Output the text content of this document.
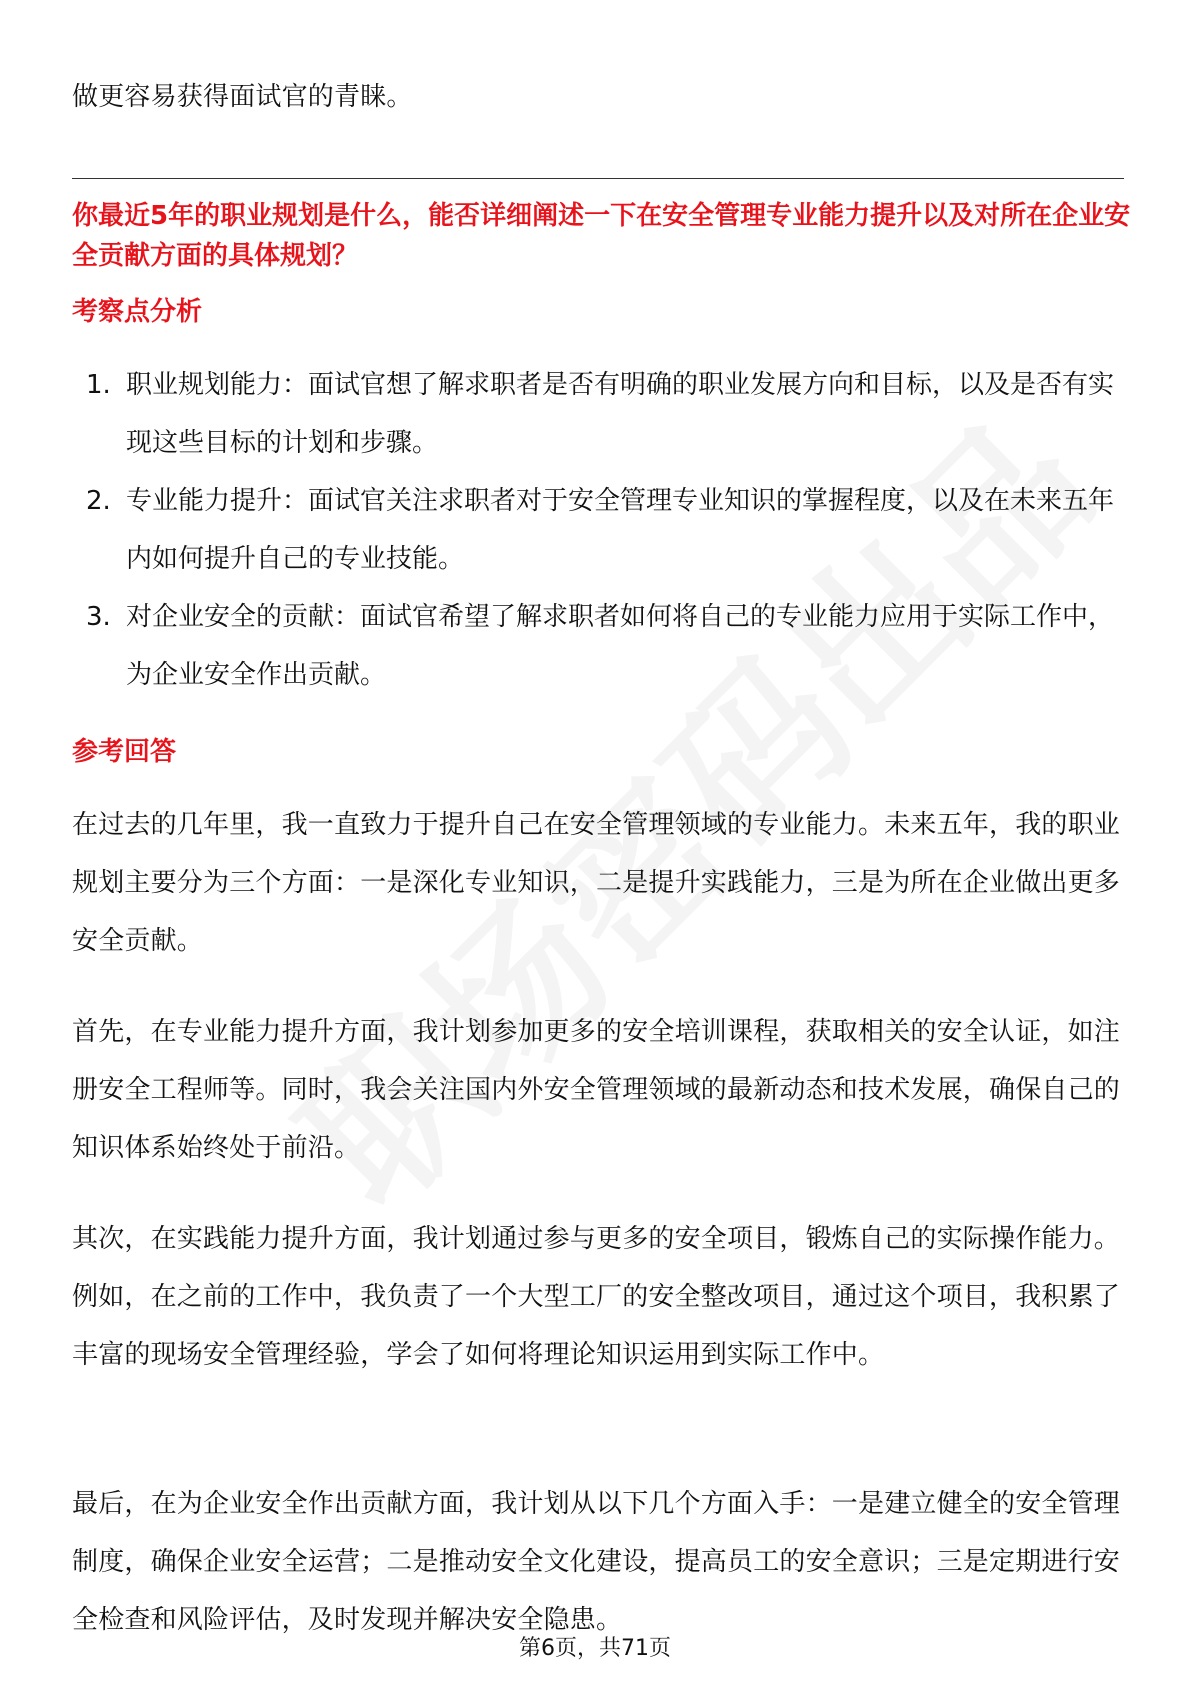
做更容易获得面试官的青睐。
你最近5年的职业规划是什么，能否详细阐述一下在安全管理专业能力提升以及对所在企业安全贡献方面的具体规划？
考察点分析
1. 职业规划能力：面试官想了解求职者是否有明确的职业发展方向和目标，以及是否有实现这些目标的计划和步骤。
2. 专业能力提升：面试官关注求职者对于安全管理专业知识的掌握程度，以及在未来五年内如何提升自己的专业技能。
3. 对企业安全的贡献：面试官希望了解求职者如何将自己的专业能力应用于实际工作中，为企业安全作出贡献。
参考回答
在过去的几年里，我一直致力于提升自己在安全管理领域的专业能力。未来五年，我的职业规划主要分为三个方面：一是深化专业知识，二是提升实践能力，三是为所在企业做出更多安全贡献。
首先，在专业能力提升方面，我计划参加更多的安全培训课程，获取相关的安全认证，如注册安全工程师等。同时，我会关注国内外安全管理领域的最新动态和技术发展，确保自己的知识体系始终处于前沿。
其次，在实践能力提升方面，我计划通过参与更多的安全项目，锻炼自己的实际操作能力。例如，在之前的工作中，我负责了一个大型工厂的安全整改项目，通过这个项目，我积累了丰富的现场安全管理经验，学会了如何将理论知识运用到实际工作中。
最后，在为企业安全作出贡献方面，我计划从以下几个方面入手：一是建立健全的安全管理制度，确保企业安全运营；二是推动安全文化建设，提高员工的安全意识；三是定期进行安全检查和风险评估，及时发现并解决安全隐患。
第6页，共71页
